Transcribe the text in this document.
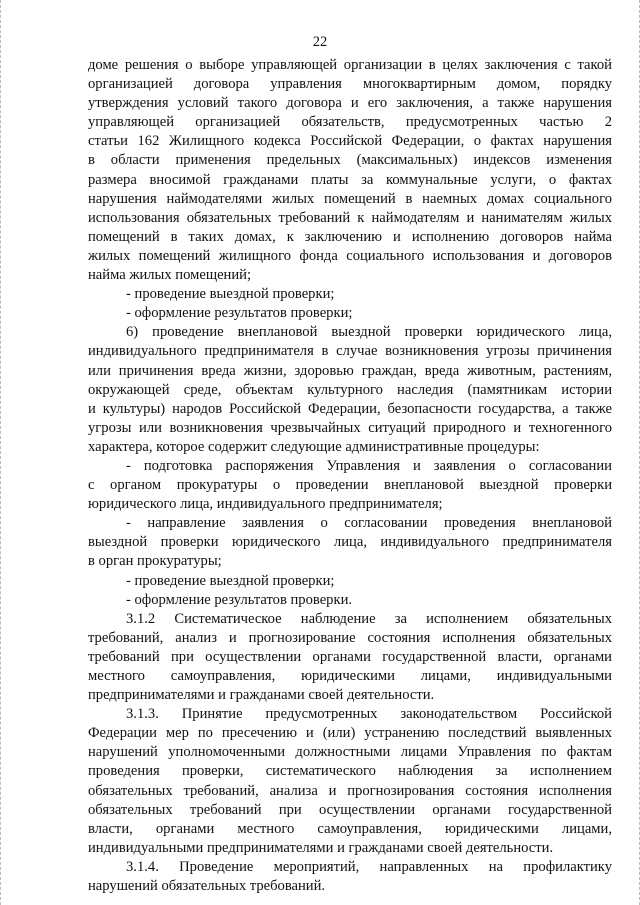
22
доме решения о выборе управляющей организации в целях заключения с такой
организацией договора управления многоквартирным домом, порядку
утверждения условий такого договора и его заключения, а также нарушения
управляющей организацией обязательств, предусмотренных частью 2
статьи 162 Жилищного кодекса Российской Федерации, о фактах нарушения
в области применения предельных (максимальных) индексов изменения
размера вносимой гражданами платы за коммунальные услуги, о фактах
нарушения наймодателями жилых помещений в наемных домах социального
использования обязательных требований к наймодателям и нанимателям жилых
помещений в таких домах, к заключению и исполнению договоров найма
жилых помещений жилищного фонда социального использования и договоров
найма жилых помещений;
- проведение выездной проверки;
- оформление результатов проверки;
6) проведение внеплановой выездной проверки юридического лица,
индивидуального предпринимателя в случае возникновения угрозы причинения
или причинения вреда жизни, здоровью граждан, вреда животным, растениям,
окружающей среде, объектам культурного наследия (памятникам истории
и культуры) народов Российской Федерации, безопасности государства, а также
угрозы или возникновения чрезвычайных ситуаций природного и техногенного
характера, которое содержит следующие административные процедуры:
- подготовка распоряжения Управления и заявления о согласовании
с органом прокуратуры о проведении внеплановой выездной проверки
юридического лица, индивидуального предпринимателя;
- направление заявления о согласовании проведения внеплановой
выездной проверки юридического лица, индивидуального предпринимателя
в орган прокуратуры;
- проведение выездной проверки;
- оформление результатов проверки.
3.1.2 Систематическое наблюдение за исполнением обязательных
требований, анализ и прогнозирование состояния исполнения обязательных
требований при осуществлении органами государственной власти, органами
местного самоуправления, юридическими лицами, индивидуальными
предпринимателями и гражданами своей деятельности.
3.1.3. Принятие предусмотренных законодательством Российской
Федерации мер по пресечению и (или) устранению последствий выявленных
нарушений уполномоченными должностными лицами Управления по фактам
проведения проверки, систематического наблюдения за исполнением
обязательных требований, анализа и прогнозирования состояния исполнения
обязательных требований при осуществлении органами государственной
власти, органами местного самоуправления, юридическими лицами,
индивидуальными предпринимателями и гражданами своей деятельности.
3.1.4. Проведение мероприятий, направленных на профилактику
нарушений обязательных требований.
